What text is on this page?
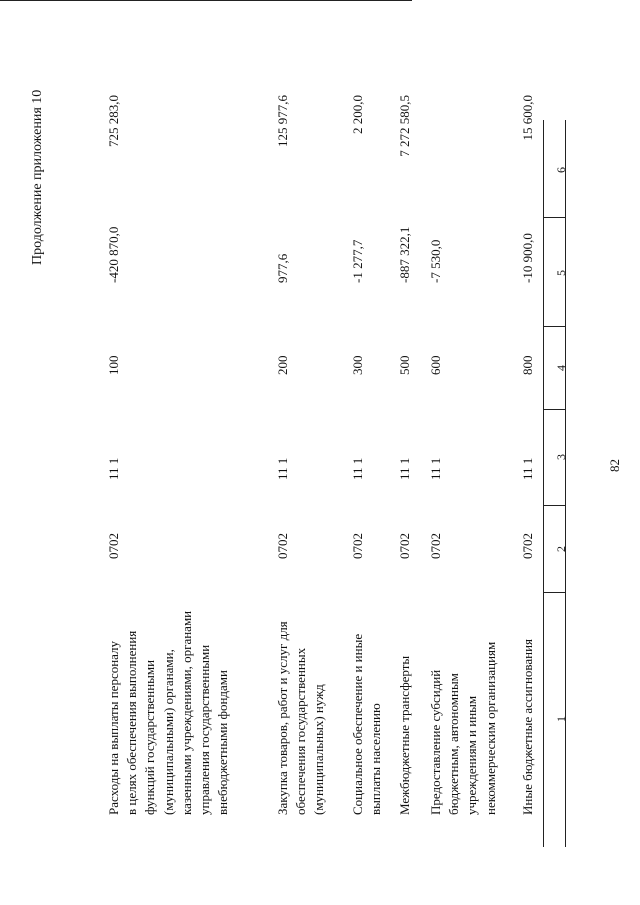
82
Продолжение приложения 10
1
2
3
4
5
6
Расходы на выплаты персоналу
в целях обеспечения выполнения
функций государственными
(муниципальными) органами,
казенными учреждениями, органами
управления государственными
внебюджетными фондами
0702
11 1
100
-420 870,0
725 283,0
Закупка товаров, работ и услуг для
обеспечения государственных
(муниципальных) нужд
0702
11 1
200
977,6
125 977,6
Социальное обеспечение и иные
выплаты населению
0702
11 1
300
-1 277,7
2 200,0
Межбюджетные трансферты
0702
11 1
500
-887 322,1
7 272 580,5
Предоставление субсидий
бюджетным, автономным
учреждениям и иным
некоммерческим организациям
0702
11 1
600
-7 530,0
Иные бюджетные ассигнования
0702
11 1
800
-10 900,0
15 600,0
